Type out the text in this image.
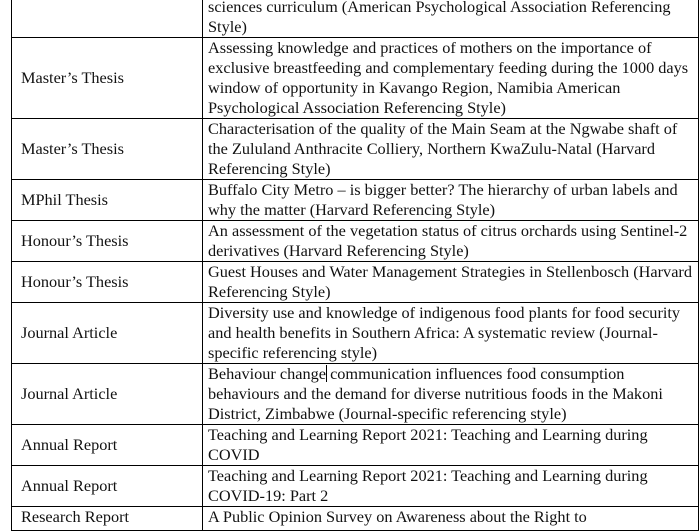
	sciences curriculum (American Psychological Association Referencing Style)
Master’s Thesis	Assessing knowledge and practices of mothers on the importance of exclusive breastfeeding and complementary feeding during the 1000 days window of opportunity in Kavango Region, Namibia American Psychological Association Referencing Style)
Master’s Thesis	Characterisation of the quality of the Main Seam at the Ngwabe shaft of the Zululand Anthracite Colliery, Northern KwaZulu-Natal (Harvard Referencing Style)
MPhil Thesis	Buffalo City Metro – is bigger better? The hierarchy of urban labels and why the matter (Harvard Referencing Style)
Honour’s Thesis	An assessment of the vegetation status of citrus orchards using Sentinel-2 derivatives (Harvard Referencing Style)
Honour’s Thesis	Guest Houses and Water Management Strategies in Stellenbosch (Harvard Referencing Style)
Journal Article	Diversity use and knowledge of indigenous food plants for food security and health benefits in Southern Africa: A systematic review (Journal-specific referencing style)
Journal Article	Behaviour change communication influences food consumption behaviours and the demand for diverse nutritious foods in the Makoni District, Zimbabwe (Journal-specific referencing style)
Annual Report	Teaching and Learning Report 2021: Teaching and Learning during COVID
Annual Report	Teaching and Learning Report 2021: Teaching and Learning during COVID-19: Part 2
Research Report	A Public Opinion Survey on Awareness about the Right to
